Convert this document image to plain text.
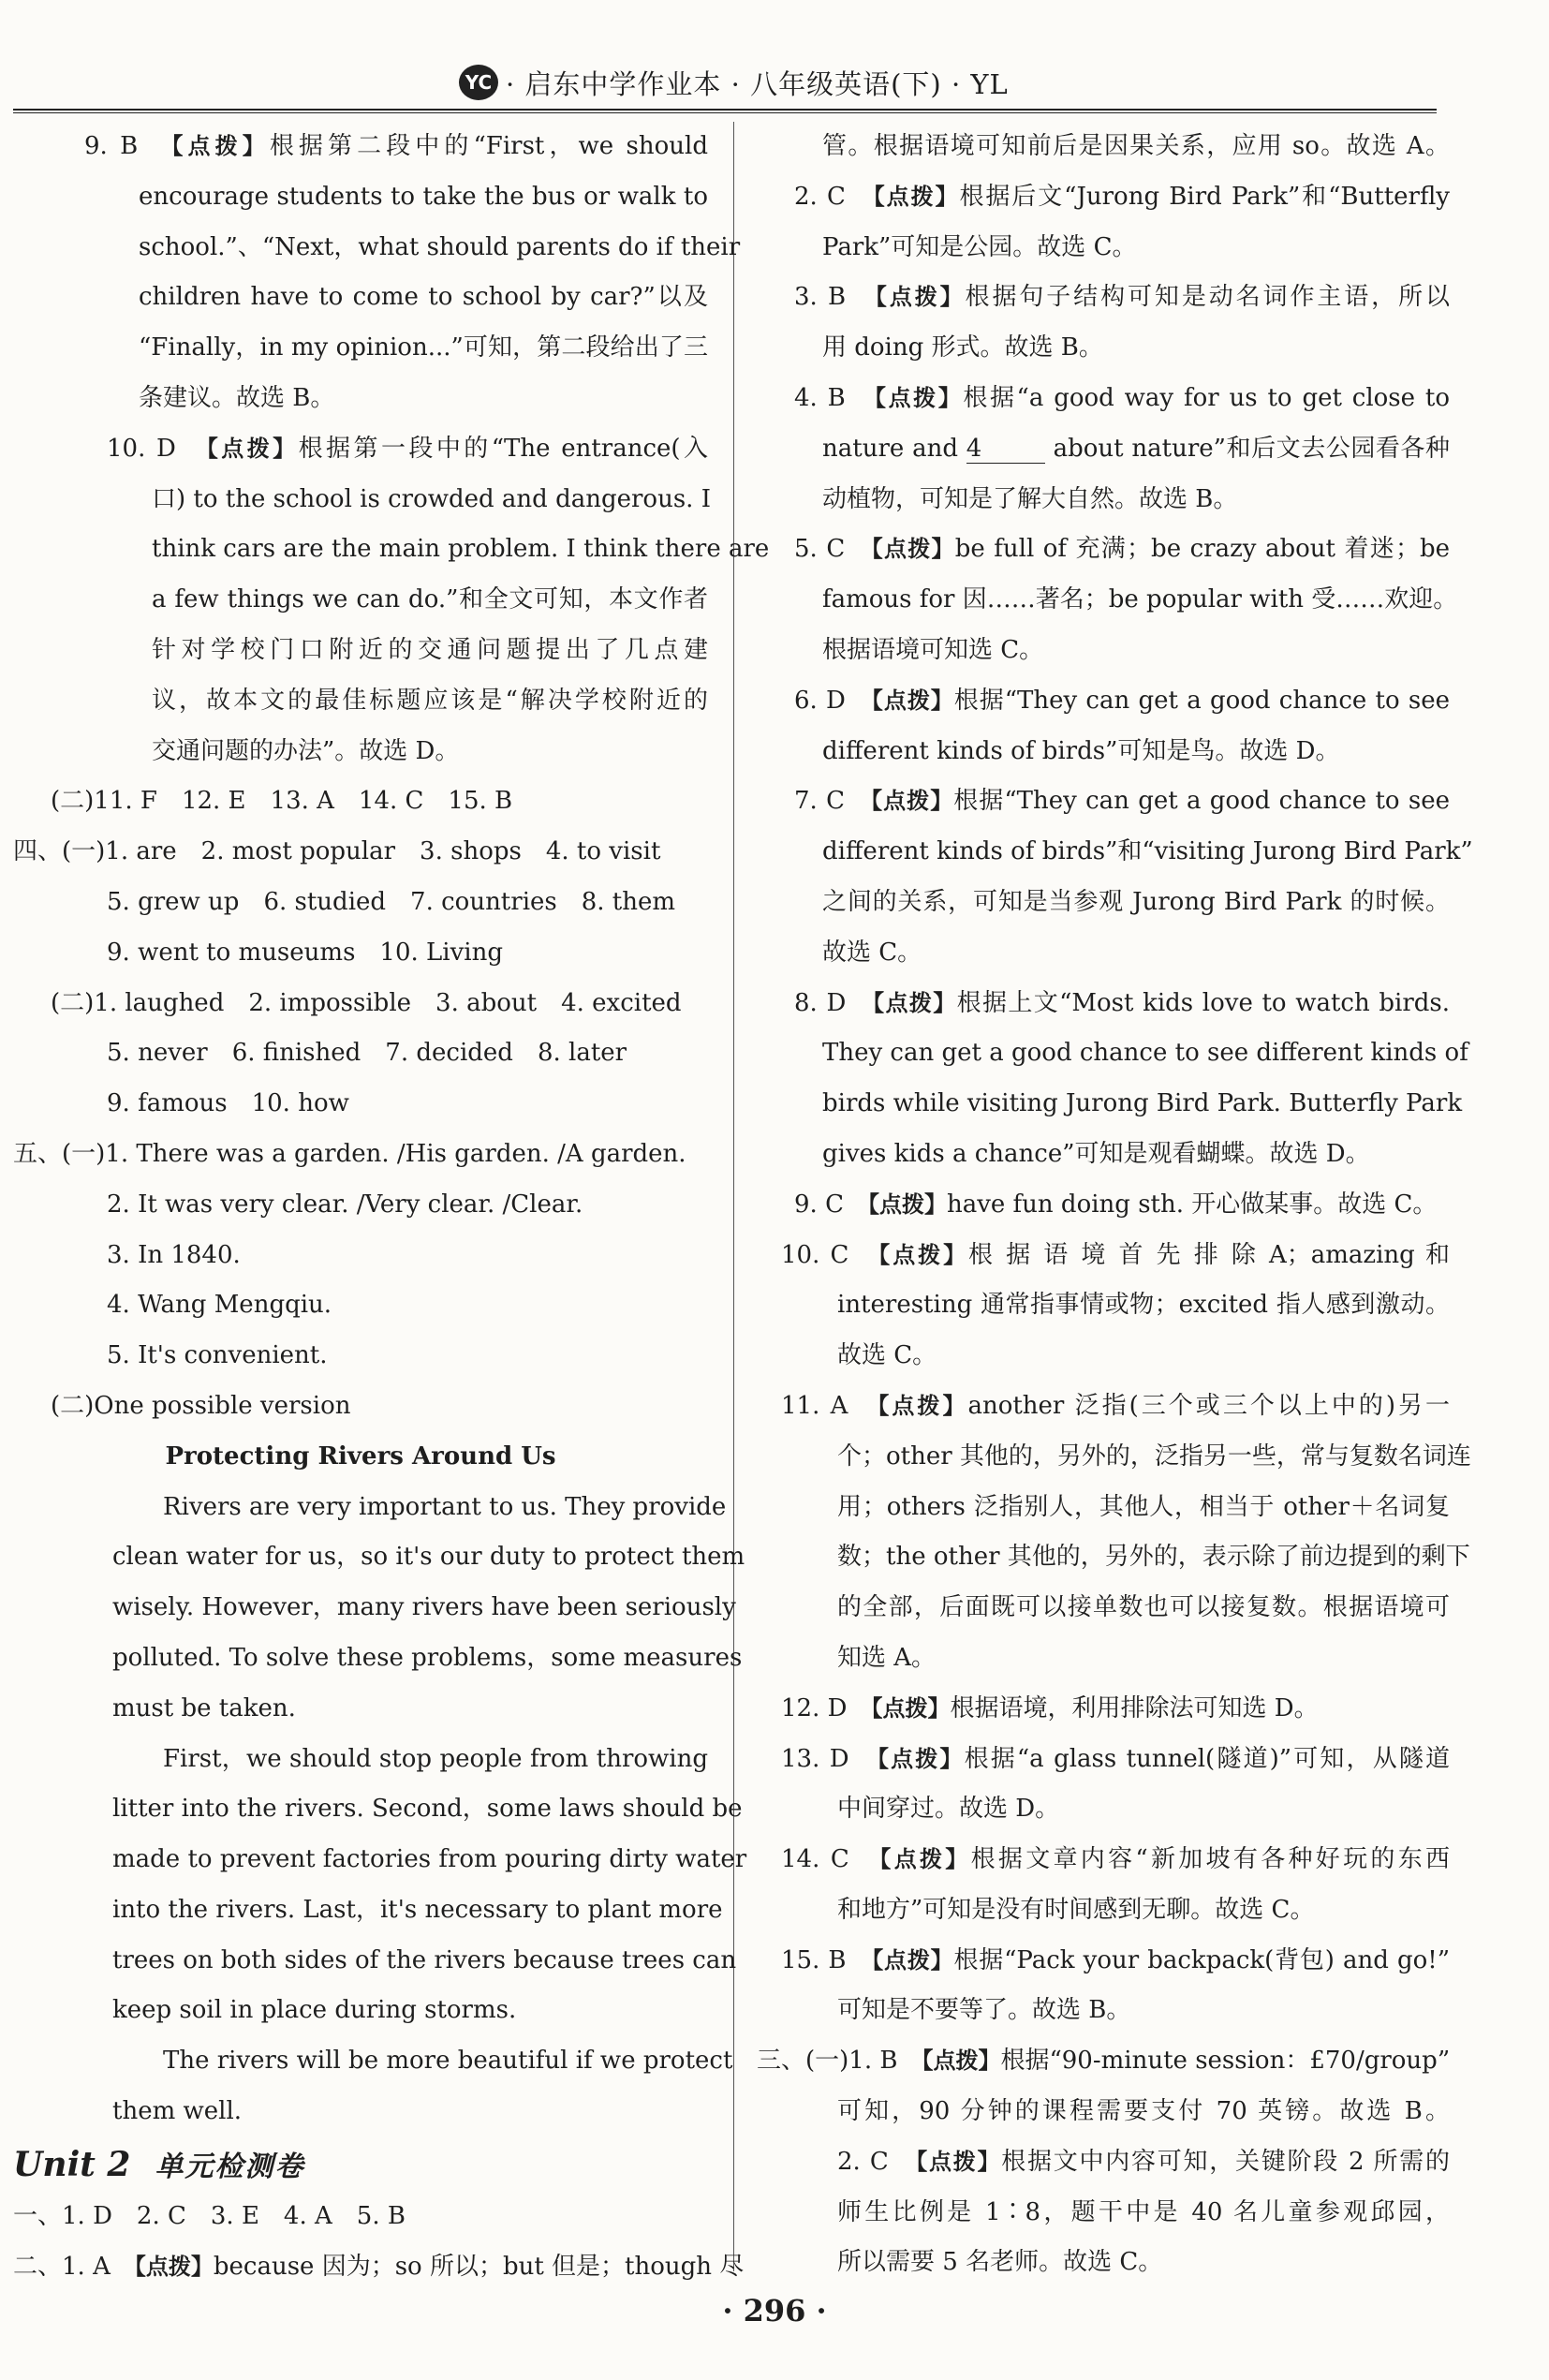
YC · 启东中学作业本 · 八年级英语(下) · YL
9. B　【点拨】根据第二段中的“First，we should
encourage students to take the bus or walk to
school.”、“Next，what should parents do if their
children have to come to school by car?”以及
“Finally，in my opinion...”可知，第二段给出了三
条建议。故选 B。
10. D　【点拨】根据第一段中的“The entrance(入
口) to the school is crowded and dangerous. I
think cars are the main problem. I think there are
a few things we can do.”和全文可知，本文作者
针对学校门口附近的交通问题提出了几点建
议，故本文的最佳标题应该是“解决学校附近的
交通问题的办法”。故选 D。
(二)11. F　12. E　13. A　14. C　15. B
四、(一)1. are　2. most popular　3. shops　4. to visit
5. grew up　6. studied　7. countries　8. them
9. went to museums　10. Living
(二)1. laughed　2. impossible　3. about　4. excited
5. never　6. finished　7. decided　8. later
9. famous　10. how
五、(一)1. There was a garden. /His garden. /A garden.
2. It was very clear. /Very clear. /Clear.
3. In 1840.
4. Wang Mengqiu.
5. It's convenient.
(二)One possible version
Protecting Rivers Around Us
Rivers are very important to us. They provide
clean water for us，so it's our duty to protect them
wisely. However，many rivers have been seriously
polluted. To solve these problems，some measures
must be taken.
First，we should stop people from throwing
litter into the rivers. Second，some laws should be
made to prevent factories from pouring dirty water
into the rivers. Last，it's necessary to plant more
trees on both sides of the rivers because trees can
keep soil in place during storms.
The rivers will be more beautiful if we protect
them well.
Unit 2 单元检测卷
一、1. D　2. C　3. E　4. A　5. B
二、1. A　【点拨】because 因为；so 所以；but 但是；though 尽
管。根据语境可知前后是因果关系，应用 so。故选 A。
2. C　【点拨】根据后文“Jurong Bird Park”和“Butterfly
Park”可知是公园。故选 C。
3. B　【点拨】根据句子结构可知是动名词作主语，所以
用 doing 形式。故选 B。
4. B　【点拨】根据“a good way for us to get close to
nature and 4	about nature”和后文去公园看各种
动植物，可知是了解大自然。故选 B。
5. C　【点拨】be full of 充满；be crazy about 着迷；be
famous for 因……著名；be popular with 受……欢迎。
根据语境可知选 C。
6. D　【点拨】根据“They can get a good chance to see
different kinds of birds”可知是鸟。故选 D。
7. C　【点拨】根据“They can get a good chance to see
different kinds of birds”和“visiting Jurong Bird Park”
之间的关系，可知是当参观 Jurong Bird Park 的时候。
故选 C。
8. D　【点拨】根据上文“Most kids love to watch birds.
They can get a good chance to see different kinds of
birds while visiting Jurong Bird Park. Butterfly Park
gives kids a chance”可知是观看蝴蝶。故选 D。
9. C　【点拨】have fun doing sth. 开心做某事。故选 C。
10. C　【点拨】根 据 语 境 首 先 排 除 A；amazing 和
interesting 通常指事情或物；excited 指人感到激动。
故选 C。
11. A　【点拨】another 泛指(三个或三个以上中的)另一
个；other 其他的，另外的，泛指另一些，常与复数名词连
用；others 泛指别人，其他人，相当于 other＋名词复
数；the other 其他的，另外的，表示除了前边提到的剩下
的全部，后面既可以接单数也可以接复数。根据语境可
知选 A。
12. D　【点拨】根据语境，利用排除法可知选 D。
13. D　【点拨】根据“a glass tunnel(隧道)”可知，从隧道
中间穿过。故选 D。
14. C　【点拨】根据文章内容“新加坡有各种好玩的东西
和地方”可知是没有时间感到无聊。故选 C。
15. B　【点拨】根据“Pack your backpack(背包) and go!”
可知是不要等了。故选 B。
三、(一)1. B　【点拨】根据“90-minute session：£70/group”
可知，90 分钟的课程需要支付 70 英镑。故选 B。
2. C　【点拨】根据文中内容可知，关键阶段 2 所需的
师生比例是 1∶8，题干中是 40 名儿童参观邱园，
所以需要 5 名老师。故选 C。
· 296 ·
